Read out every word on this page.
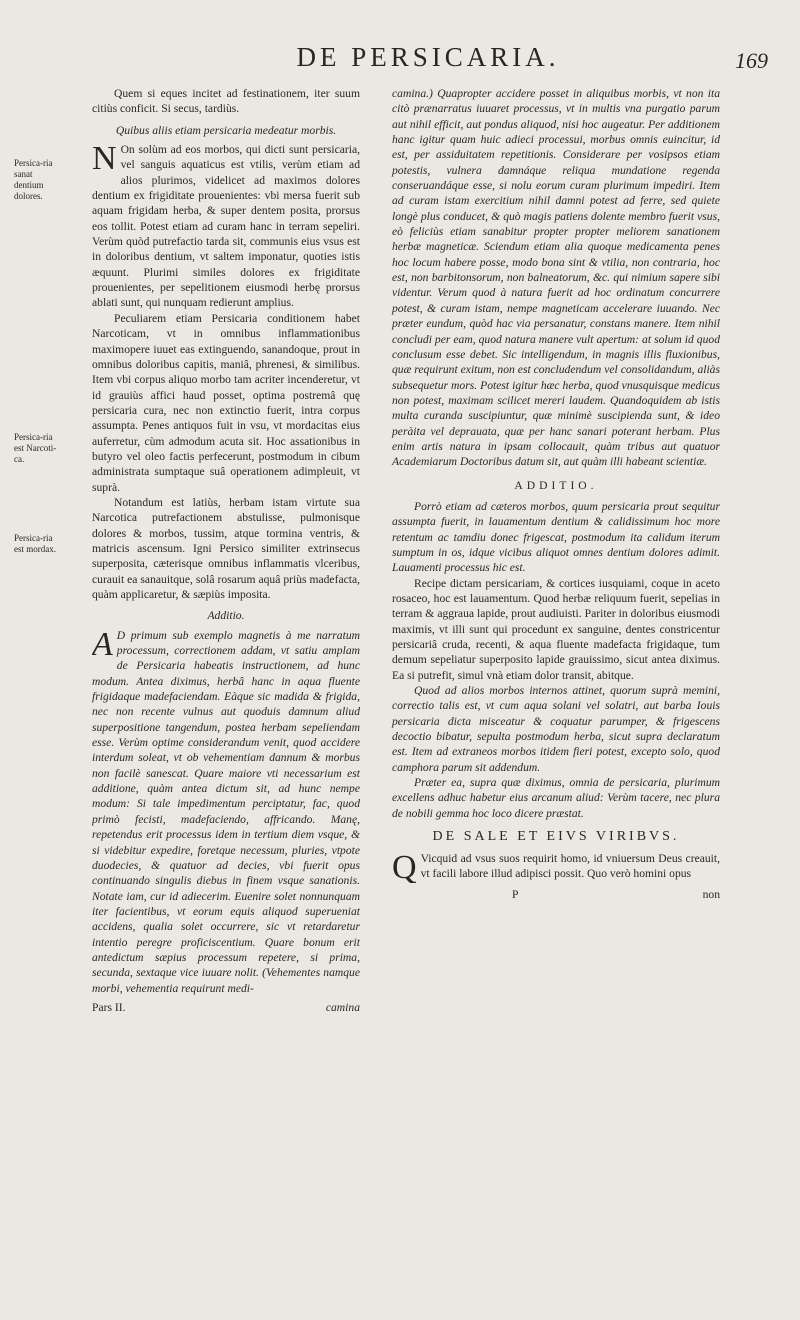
DE PERSICARIA.	169
Persica-ria sanat dentium dolores.
Persica-ria est Narcoti-ca.
Persica-ria est mordax.

Quem si eques incitet ad festinationem, iter suum citiùs conficit. Si secus, tardiùs.

Quibus aliis etiam persicaria medeatur morbis.

N On solùm ad eos morbos, qui dicti sunt persicaria, vel sanguis aquaticus est vtilis, verùm etiam ad alios plurimos, videlicet ad maximos dolores dentium ex frigiditate prouenientes: vbi mersa fuerit sub aquam frigidam herba, & super dentem posita, prorsus eos tollit. Potest etiam ad curam hanc in terram sepeliri. Verùm quòd putrefactio tarda sit, communis eius vsus est in doloribus dentium, vt saltem imponatur, quoties istis æquunt. Plurimi similes dolores ex frigiditate prouenientes, per sepelitionem eiusmodi herbę prorsus ablati sunt, qui nunquam redierunt amplius.

Peculiarem etiam Persicaria conditionem habet Narcoticam, vt in omnibus inflammationibus maximopere iuuet eas extinguendo, sanandoque, prout in omnibus doloribus capitis, maniâ, phrenesi, & similibus. Item vbi corpus aliquo morbo tam acriter incenderetur, vt id grauiùs affici haud posset, optima postremâ quę persicaria cura, nec non extinctio fuerit, intra corpus assumpta. Penes antiquos fuit in vsu, vt mordacitas eius auferretur, cùm admodum acuta sit. Hoc assationibus in butyro vel oleo factis perfecerunt, postmodum in cibum administrata sumptaque suâ operationem adimpleuit, vt suprà.

Notandum est latiùs, herbam istam virtute sua Narcotica putrefactionem abstulisse, pulmonisque dolores & morbos, tussim, atque tormina ventris, & matricis ascensum. Igni Persico similiter extrinsecus superposita, cæterisque omnibus inflammatis vlceribus, curauit ea sanauitque, solâ rosarum aquâ priùs madefacta, quàm applicaretur, & sæpiùs imposita.

Additio.

A D primum sub exemplo magnetis à me narratum processum, correctionem addam, vt satiu amplam de Persicaria habeatis instructionem, ad hunc modum. Antea diximus, herbâ hanc in aqua fluente frigidaque madefaciendam. Eàque sic madida & frigida, nec non recente vulnus aut quoduis damnum aliud superpositione tangendum, postea herbam sepeliendam esse. Verùm optime considerandum venit, quod accidere interdum soleat, vt ob vehementiam dannum & morbus non facilè sanescat. Quare maiore vti necessarium est additione, quàm antea dictum sit, ad hunc nempe modum: Si tale impedimentum perciptatur, fac, quod primò fecisti, madefaciendo, affricando. Manę, repetendus erit processus idem in tertium diem vsque, & si videbitur expedire, foretque necessum, pluries, vtpote duodecies, & quatuor ad decies, vbi fuerit opus continuando singulis diebus in finem vsque sanationis. Notate iam, cur id adiecerim. Euenire solet nonnunquam iter facientibus, vt eorum equis aliquod superueniat accidens, qualia solet occurrere, sic vt retardaretur intentio peregre proficiscentium. Quare bonum erit antedictum sæpius processum repetere, si prima, secunda, sextaque vice iuuare nolit. (Vehementes namque morbi, vehementia requirunt medi-

Pars II.	camina

camina.) Quapropter accidere posset in aliquibus morbis, vt non ita citò prænarratus iuuaret processus, vt in multis vna purgatio parum aut nihil efficit, aut pondus aliquod, nisi hoc augeatur. Per additionem hanc igitur quam huic adieci processui, morbus omnis euincitur, id est, per assiduitatem repetitionis. Considerare per vosipsos etiam potestis, vulnera damnáque reliqua mundatione regenda conseruandáque esse, si nolu eorum curam plurimum impediri. Item ad curam istam exercitium nihil damni potest ad ferre, sed quiete longè plus conducet, & quò magis patiens dolente membro fuerit vsus, eò feliciùs etiam sanabitur propter propter meliorem sanationem herbæ magneticæ. Sciendum etiam alia quoque medicamenta penes hoc locum habere posse, modo bona sint & vtilia, non contraria, hoc est, non barbitonsorum, non balneatorum, &c. qui nimium sapere sibi videntur. Verum quod à natura fuerit ad hoc ordinatum concurrere potest, & curam istam, nempe magneticam accelerare iuuando. Nec præter eundum, quòd hac via persanatur, constans manere. Item nihil concludi per eam, quod natura manere vult apertum: at solum id quod conclusum esse debet. Sic intelligendum, in magnis illis fluxionibus, quæ requirunt exitum, non est concludendum vel consolidandum, aliàs subsequetur mors. Potest igitur hæc herba, quod vnusquisque medicus non potest, maximam scilicet mereri laudem. Quandoquidem ab istis multa curanda suscipiuntur, quæ minimè suscipienda sunt, & ideo peràita vel deprauata, quæ per hanc sanari poterant herbam. Plus enim artis natura in ipsam collocauit, quàm tribus aut quatuor Academiarum Doctoribus datum sit, aut quàm illi habeant scientiæ.

ADDITIO.

Porrò etiam ad cæteros morbos, quum persicaria prout sequitur assumpta fuerit, in lauamentum dentium & calidissimum hoc more retentum ac tamdiu donec frigescat, postmodum ita calidum iterum sumptum in os, idque vicibus aliquot omnes dentium dolores adimit. Lauamenti processus hic est.

Recipe dictam persicariam, & cortices iusquiami, coque in aceto rosaceo, hoc est lauamentum. Quod herbæ reliquum fuerit, sepelias in terram & aggraua lapide, prout audiuisti. Pariter in doloribus eiusmodi maximis, vt illi sunt qui procedunt ex sanguine, dentes constricentur persicariâ cruda, recenti, & aqua fluente madefacta frigidaque, tum demum sepeliatur superposito lapide grauissimo, sicut antea diximus. Ea si putrefit, simul vnà etiam dolor transit, abitque.

Quod ad alios morbos internos attinet, quorum suprà memini, correctio talis est, vt cum aqua solani vel solatri, aut barba Iouis persicaria dicta misceatur & coquatur parumper, & frigescens decoctio bibatur, sepulta postmodum herba, sicut supra declaratum est. Item ad extraneos morbos itidem fieri potest, excepto solo, quod camphora parum sit addendum.

Præter ea, supra quæ diximus, omnia de persicaria, plurimum excellens adhuc habetur eius arcanum aliud: Verùm tacere, nec plura de nobili gemma hoc loco dicere præstat.

DE SALE ET EIVS VIRIBVS.

Q Vicquid ad vsus suos requirit homo, id vniuersum Deus creauit, vt facili labore illud adipisci possit. Quo verò homini opus

P	non
